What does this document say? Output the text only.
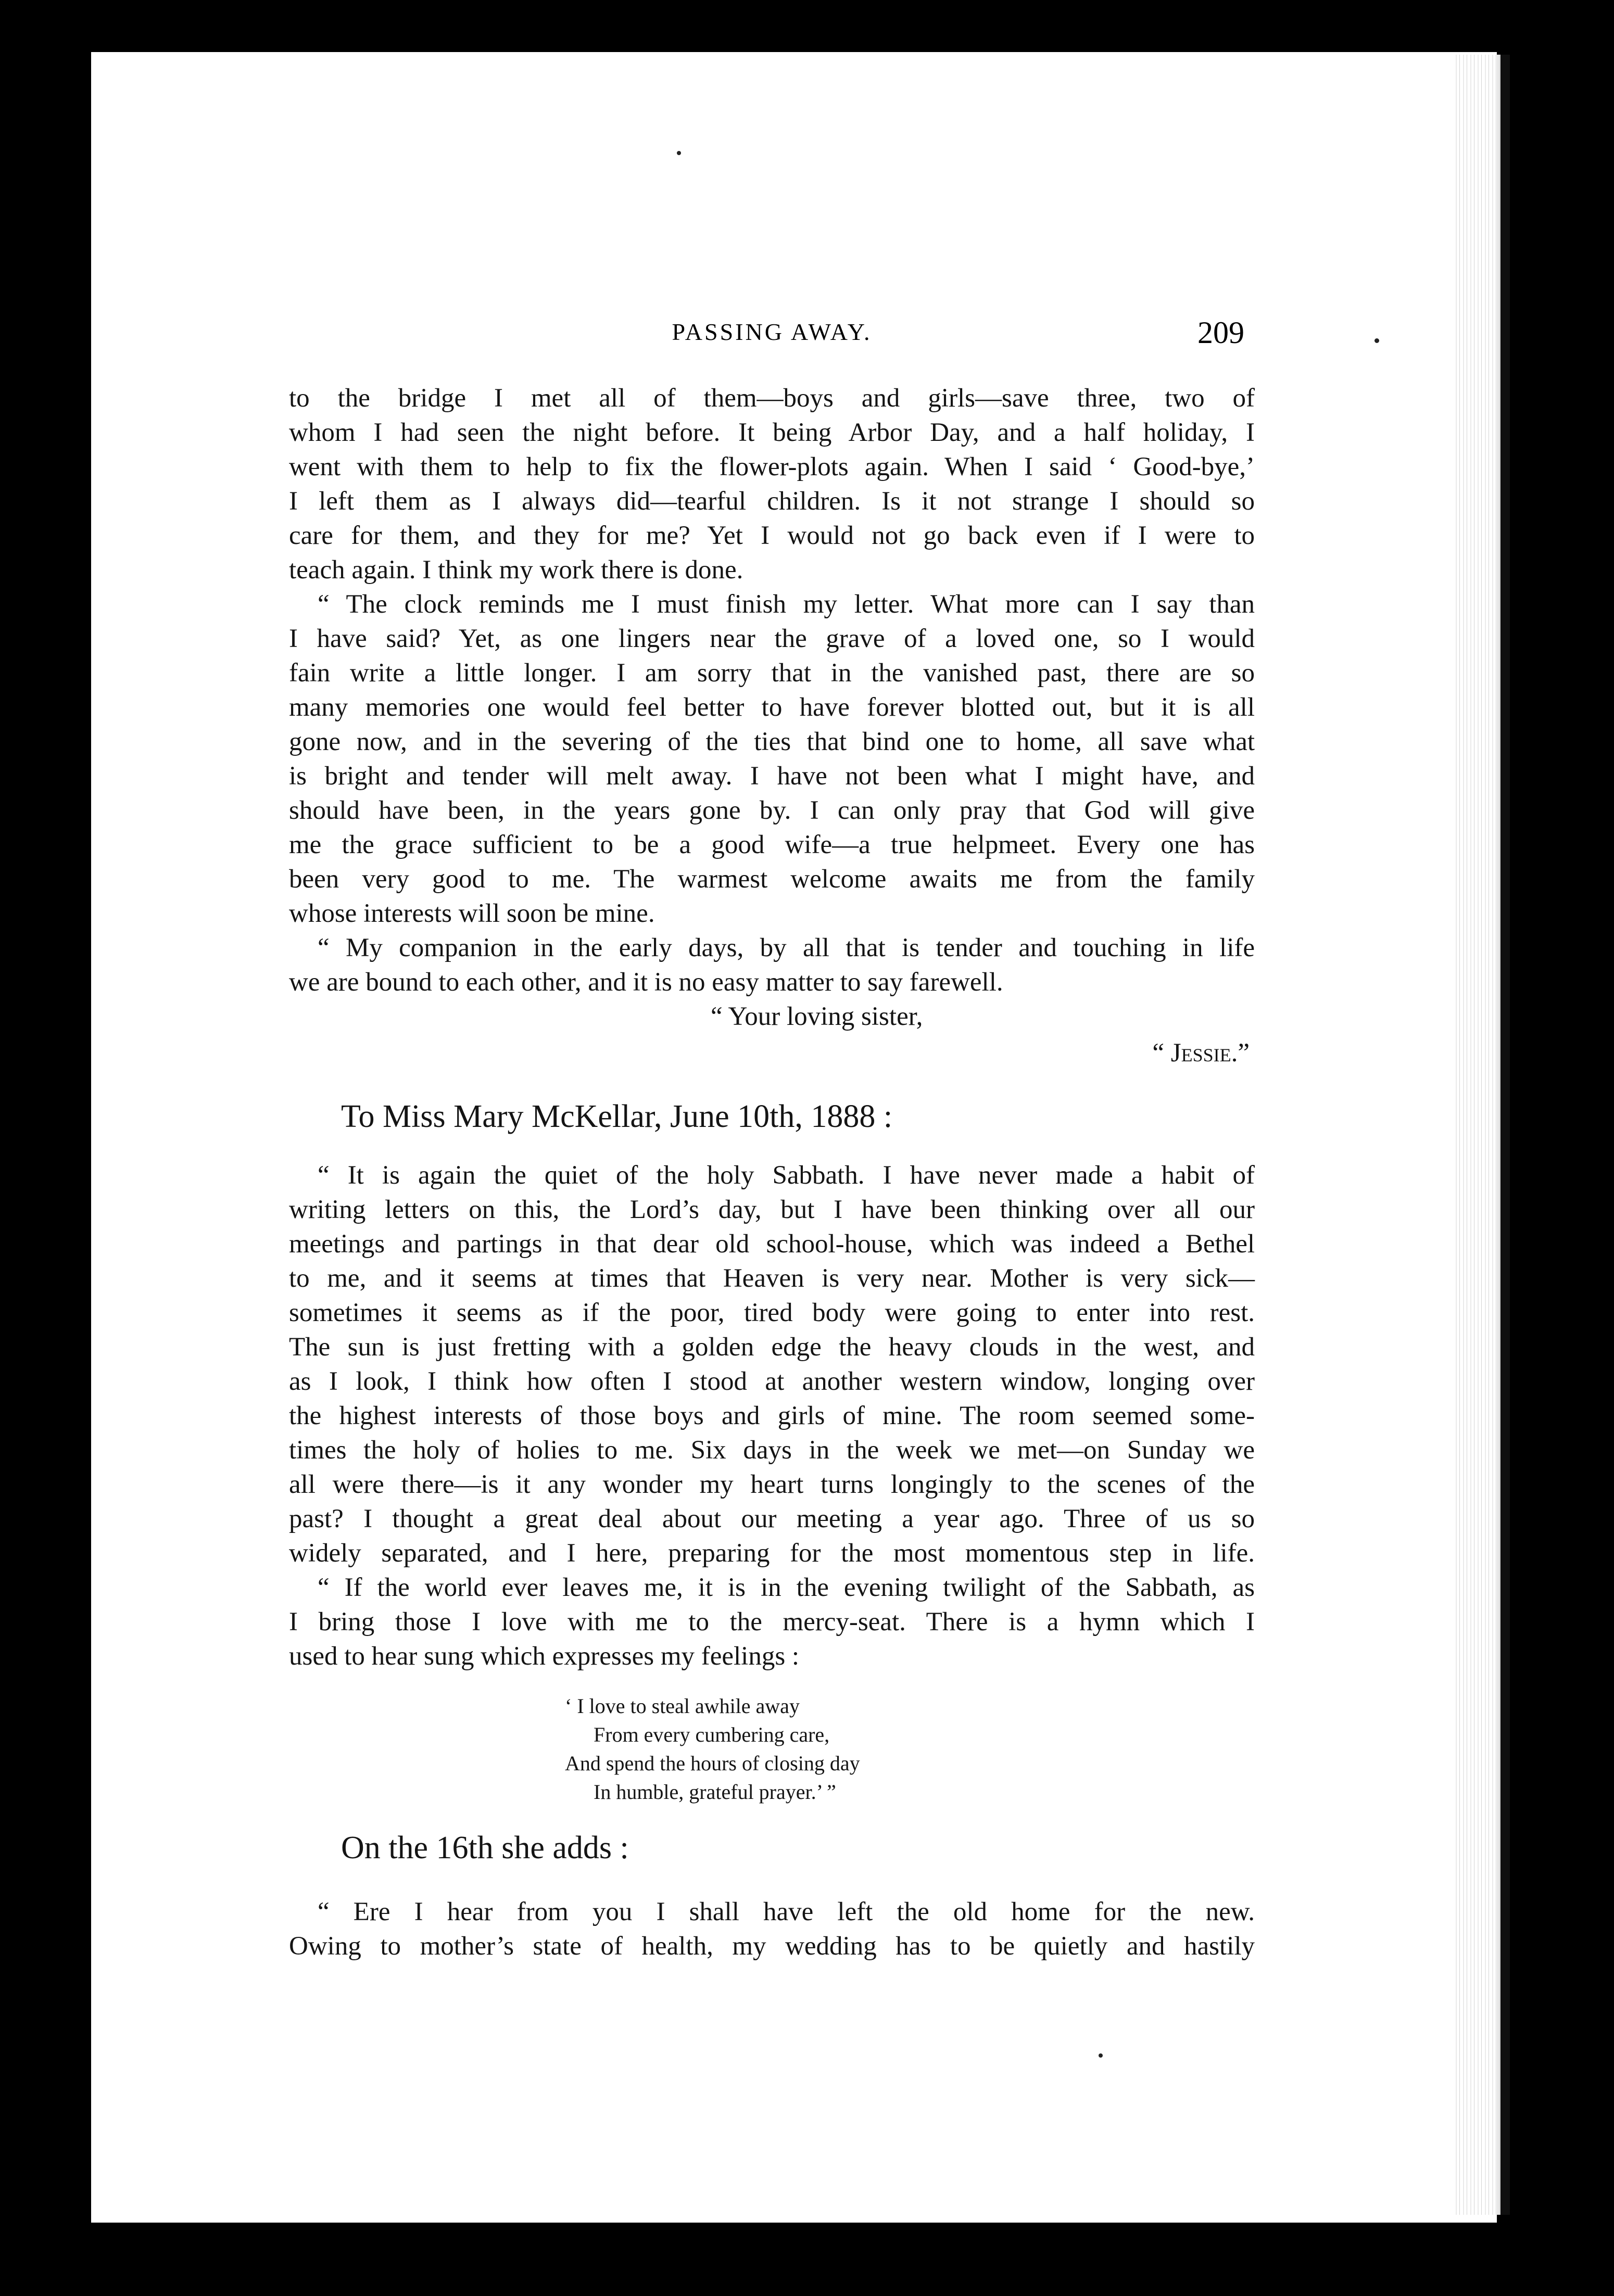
PASSING AWAY.	209
to the bridge I met all of them—boys and girls—save three, two of
whom I had seen the night before. It being Arbor Day, and a half holiday, I
went with them to help to fix the flower-plots again. When I said ‘ Good-bye,’
I left them as I always did—tearful children. Is it not strange I should so
care for them, and they for me? Yet I would not go back even if I were to
teach again. I think my work there is done.
“ The clock reminds me I must finish my letter. What more can I say than
I have said? Yet, as one lingers near the grave of a loved one, so I would
fain write a little longer. I am sorry that in the vanished past, there are so
many memories one would feel better to have forever blotted out, but it is all
gone now, and in the severing of the ties that bind one to home, all save what
is bright and tender will melt away. I have not been what I might have, and
should have been, in the years gone by. I can only pray that God will give
me the grace sufficient to be a good wife—a true helpmeet. Every one has
been very good to me. The warmest welcome awaits me from the family
whose interests will soon be mine.
“ My companion in the early days, by all that is tender and touching in life
we are bound to each other, and it is no easy matter to say farewell.
“ Your loving sister,
“ Jessie.”
To Miss Mary McKellar, June 10th, 1888 :
“ It is again the quiet of the holy Sabbath. I have never made a habit of
writing letters on this, the Lord’s day, but I have been thinking over all our
meetings and partings in that dear old school-house, which was indeed a Bethel
to me, and it seems at times that Heaven is very near. Mother is very sick—
sometimes it seems as if the poor, tired body were going to enter into rest.
The sun is just fretting with a golden edge the heavy clouds in the west, and
as I look, I think how often I stood at another western window, longing over
the highest interests of those boys and girls of mine. The room seemed some-
times the holy of holies to me. Six days in the week we met—on Sunday we
all were there—is it any wonder my heart turns longingly to the scenes of the
past? I thought a great deal about our meeting a year ago. Three of us so
widely separated, and I here, preparing for the most momentous step in life.
“ If the world ever leaves me, it is in the evening twilight of the Sabbath, as
I bring those I love with me to the mercy-seat. There is a hymn which I
used to hear sung which expresses my feelings :
‘ I love to steal awhile away
From every cumbering care,
And spend the hours of closing day
In humble, grateful prayer.’ ”
On the 16th she adds :
“ Ere I hear from you I shall have left the old home for the new.
Owing to mother’s state of health, my wedding has to be quietly and hastily
